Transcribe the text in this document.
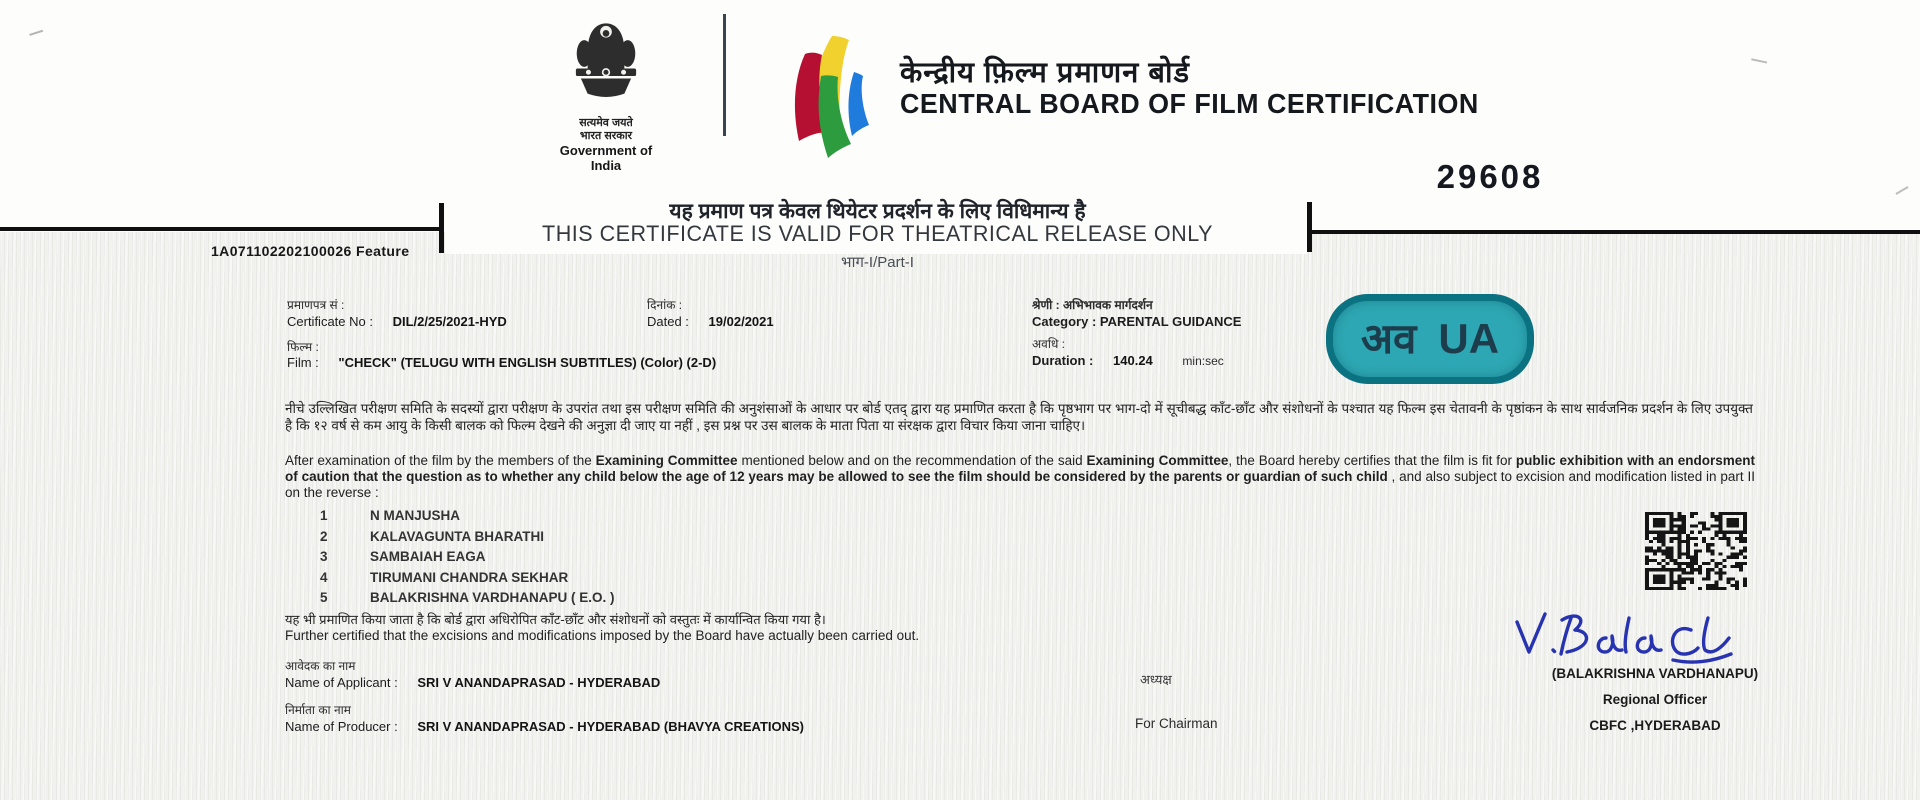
सत्यमेव जयते
भारत सरकार
Government of India
केन्द्रीय फ़िल्म प्रमाणन बोर्ड
CENTRAL BOARD OF FILM CERTIFICATION
यह प्रमाण पत्र केवल थियेटर प्रदर्शन के लिए विधिमान्य है
THIS CERTIFICATE IS VALID FOR THEATRICAL RELEASE ONLY
भाग-I/Part-I
29608
1A071102202100026 Feature
प्रमाणपत्र सं :
Certificate No : DIL/2/25/2021-HYD
दिनांक :
Dated : 19/02/2021
फिल्म :
Film : "CHECK" (TELUGU WITH ENGLISH SUBTITLES) (Color) (2-D)
श्रेणी : अभिभावक मार्गदर्शन
Category : PARENTAL GUIDANCE
अवधि :
Duration : 140.24 min:sec	अव UA
नीचे उल्लिखित परीक्षण समिति के सदस्यों द्वारा परीक्षण के उपरांत तथा इस परीक्षण समिति की अनुशंसाओं के आधार पर बोर्ड एतद् द्वारा यह प्रमाणित करता है कि पृष्ठभाग पर भाग-दो में सूचीबद्ध काँट-छाँट और संशोधनों के पश्चात यह फिल्म इस चेतावनी के पृष्ठांकन के साथ सार्वजनिक प्रदर्शन के लिए उपयुक्त है कि १२ वर्ष से कम आयु के किसी बालक को फिल्म देखने की अनुज्ञा दी जाए या नहीं , इस प्रश्न पर उस बालक के माता पिता या संरक्षक द्वारा विचार किया जाना चाहिए।
After examination of the film by the members of the Examining Committee mentioned below and on the recommendation of the said Examining Committee, the Board hereby certifies that the film is fit for public exhibition with an endorsment of caution that the question as to whether any child below the age of 12 years may be allowed to see the film should be considered by the parents or guardian of such child , and also subject to excision and modification listed in part II on the reverse :
1	N MANJUSHA
2	KALAVAGUNTA BHARATHI
3	SAMBAIAH EAGA
4	TIRUMANI CHANDRA SEKHAR
5	BALAKRISHNA VARDHANAPU ( E.O. )
यह भी प्रमाणित किया जाता है कि बोर्ड द्वारा अधिरोपित काँट-छाँट और संशोधनों को वस्तुतः में कार्यान्वित किया गया है।
Further certified that the excisions and modifications imposed by the Board have actually been carried out.
आवेदक का नाम
Name of Applicant : SRI V ANANDAPRASAD - HYDERABAD
निर्माता का नाम
Name of Producer : SRI V ANANDAPRASAD - HYDERABAD (BHAVYA CREATIONS)
अध्यक्ष
For Chairman
(BALAKRISHNA VARDHANAPU)
Regional Officer
CBFC ,HYDERABAD
